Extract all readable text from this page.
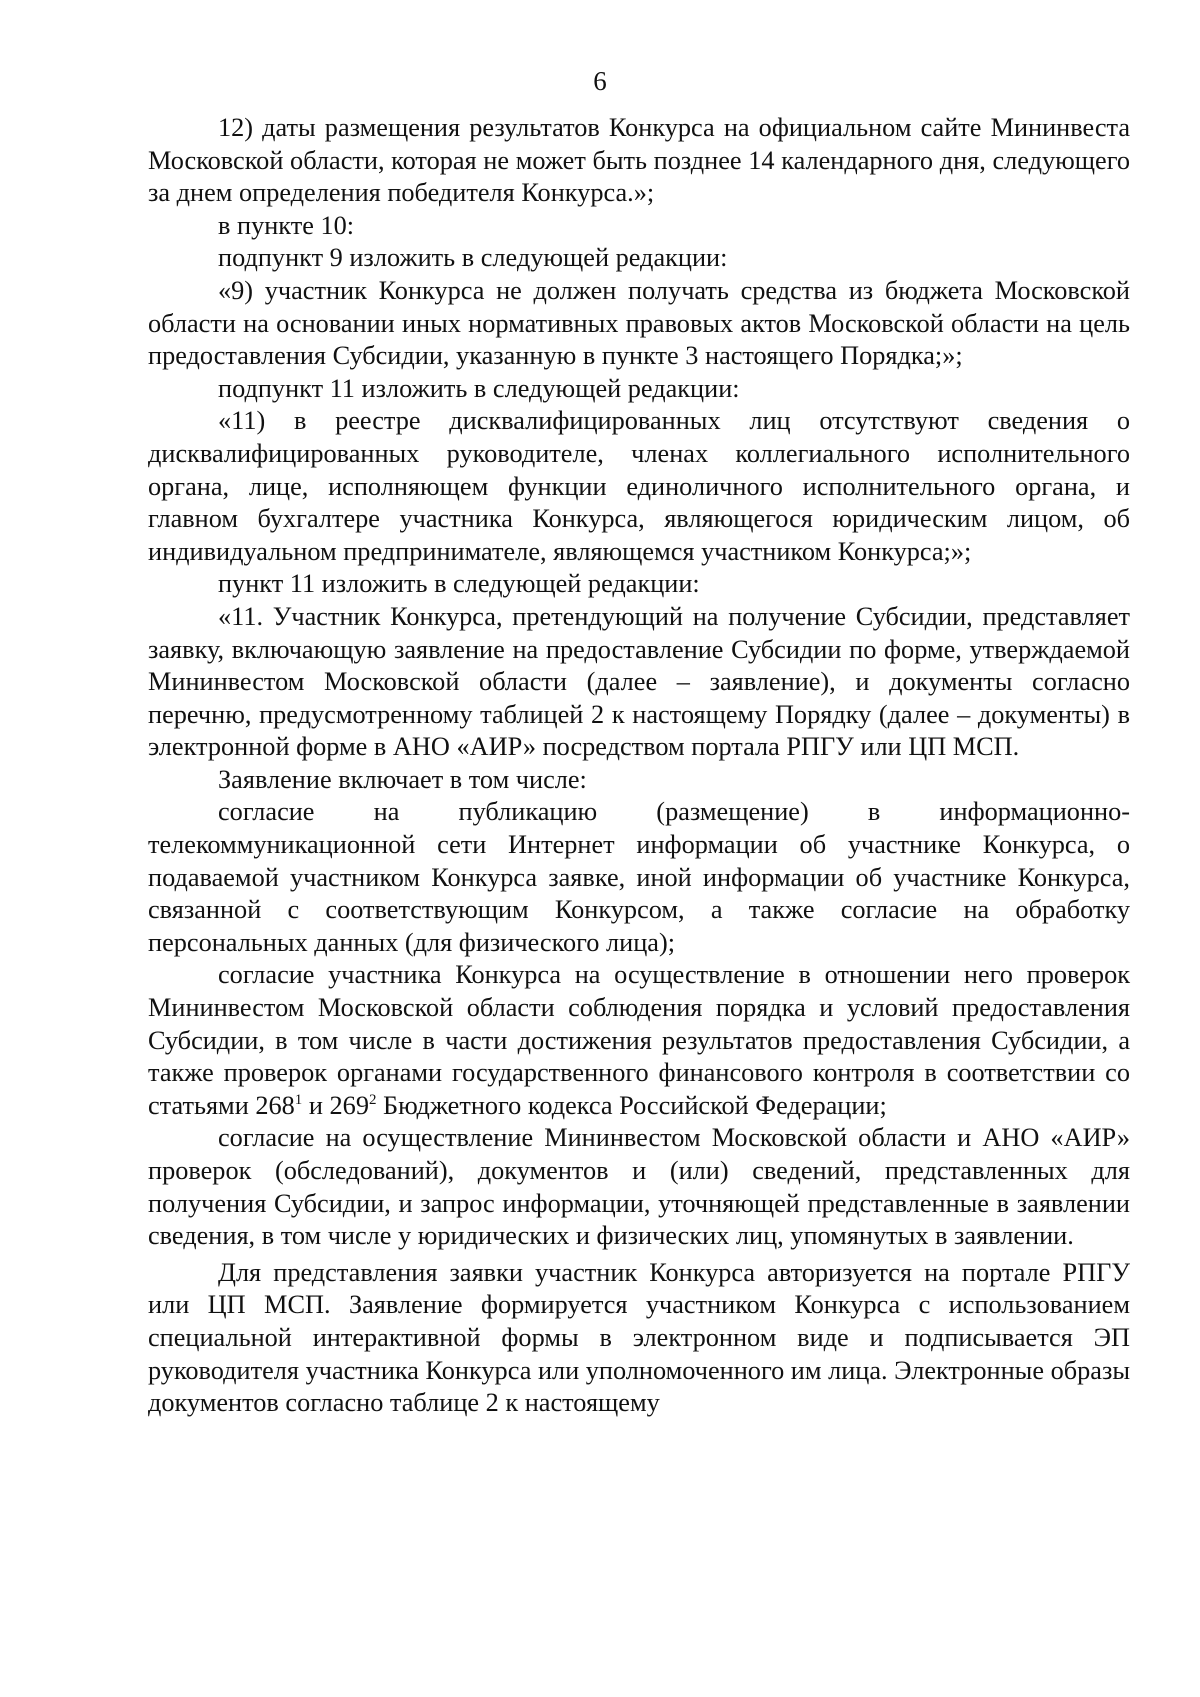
6

12) даты размещения результатов Конкурса на официальном сайте Мининвеста Московской области, которая не может быть позднее 14 календарного дня, следующего за днем определения победителя Конкурса.»;

в пункте 10:

подпункт 9 изложить в следующей редакции:

«9) участник Конкурса не должен получать средства из бюджета Московской области на основании иных нормативных правовых актов Московской области на цель предоставления Субсидии, указанную в пункте 3 настоящего Порядка;»;

подпункт 11 изложить в следующей редакции:

«11) в реестре дисквалифицированных лиц отсутствуют сведения о дисквалифицированных руководителе, членах коллегиального исполнительного органа, лице, исполняющем функции единоличного исполнительного органа, и главном бухгалтере участника Конкурса, являющегося юридическим лицом, об индивидуальном предпринимателе, являющемся участником Конкурса;»;

пункт 11 изложить в следующей редакции:

«11. Участник Конкурса, претендующий на получение Субсидии, представляет заявку, включающую заявление на предоставление Субсидии по форме, утверждаемой Мининвестом Московской области (далее – заявление), и документы согласно перечню, предусмотренному таблицей 2 к настоящему Порядку (далее – документы) в электронной форме в АНО «АИР» посредством портала РПГУ или ЦП МСП.

Заявление включает в том числе:

согласие на публикацию (размещение) в информационно-телекоммуникационной сети Интернет информации об участнике Конкурса, о подаваемой участником Конкурса заявке, иной информации об участнике Конкурса, связанной с соответствующим Конкурсом, а также согласие на обработку персональных данных (для физического лица);

согласие участника Конкурса на осуществление в отношении него проверок Мининвестом Московской области соблюдения порядка и условий предоставления Субсидии, в том числе в части достижения результатов предоставления Субсидии, а также проверок органами государственного финансового контроля в соответствии со статьями $268^1$ и $269^2$ Бюджетного кодекса Российской Федерации;

согласие на осуществление Мининвестом Московской области и АНО «АИР» проверок (обследований), документов и (или) сведений, представленных для получения Субсидии, и запрос информации, уточняющей представленные в заявлении сведения, в том числе у юридических и физических лиц, упомянутых в заявлении.

Для представления заявки участник Конкурса авторизуется на портале РПГУ или ЦП МСП. Заявление формируется участником Конкурса с использованием специальной интерактивной формы в электронном виде и подписывается ЭП руководителя участника Конкурса или уполномоченного им лица. Электронные образы документов согласно таблице 2 к настоящему
